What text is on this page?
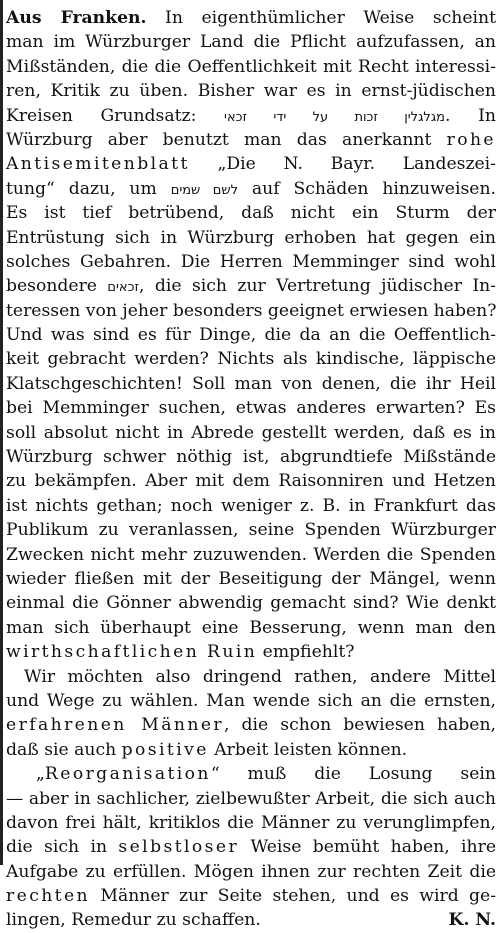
Aus Franken. In eigenthümlicher Weise scheint
man im Würzburger Land die Pflicht aufzufassen, an
Mißständen, die die Oeffentlichkeit mit Recht interessi-
ren, Kritik zu üben. Bisher war es in ernst-jüdischen
Kreisen Grundsatz: מגלגלין זכות על ידי זכאי. In
Würzburg aber benutzt man das anerkannt rohe
Antisemitenblatt „Die N. Bayr. Landeszei-
tung“ dazu, um לשם שמים auf Schäden hinzuweisen.
Es ist tief betrübend, daß nicht ein Sturm der
Entrüstung sich in Würzburg erhoben hat gegen ein
solches Gebahren. Die Herren Memminger sind wohl
besondere זכאים, die sich zur Vertretung jüdischer In-
teressen von jeher besonders geeignet erwiesen haben?
Und was sind es für Dinge, die da an die Oeffentlich-
keit gebracht werden? Nichts als kindische, läppische
Klatschgeschichten! Soll man von denen, die ihr Heil
bei Memminger suchen, etwas anderes erwarten? Es
soll absolut nicht in Abrede gestellt werden, daß es in
Würzburg schwer nöthig ist, abgrundtiefe Mißstände
zu bekämpfen. Aber mit dem Raisonniren und Hetzen
ist nichts gethan; noch weniger z. B. in Frankfurt das
Publikum zu veranlassen, seine Spenden Würzburger
Zwecken nicht mehr zuzuwenden. Werden die Spenden
wieder fließen mit der Beseitigung der Mängel, wenn
einmal die Gönner abwendig gemacht sind? Wie denkt
man sich überhaupt eine Besserung, wenn man den
wirthschaftlichen Ruin empfiehlt?
Wir möchten also dringend rathen, andere Mittel
und Wege zu wählen. Man wende sich an die ernsten,
erfahrenen Männer, die schon bewiesen haben,
daß sie auch positive Arbeit leisten können.
„Reorganisation“ muß die Losung sein
— aber in sachlicher, zielbewußter Arbeit, die sich auch
davon frei hält, kritiklos die Männer zu verunglimpfen,
die sich in selbstloser Weise bemüht haben, ihre
Aufgabe zu erfüllen. Mögen ihnen zur rechten Zeit die
rechten Männer zur Seite stehen, und es wird ge-
lingen, Remedur zu schaffen.	K. N.
